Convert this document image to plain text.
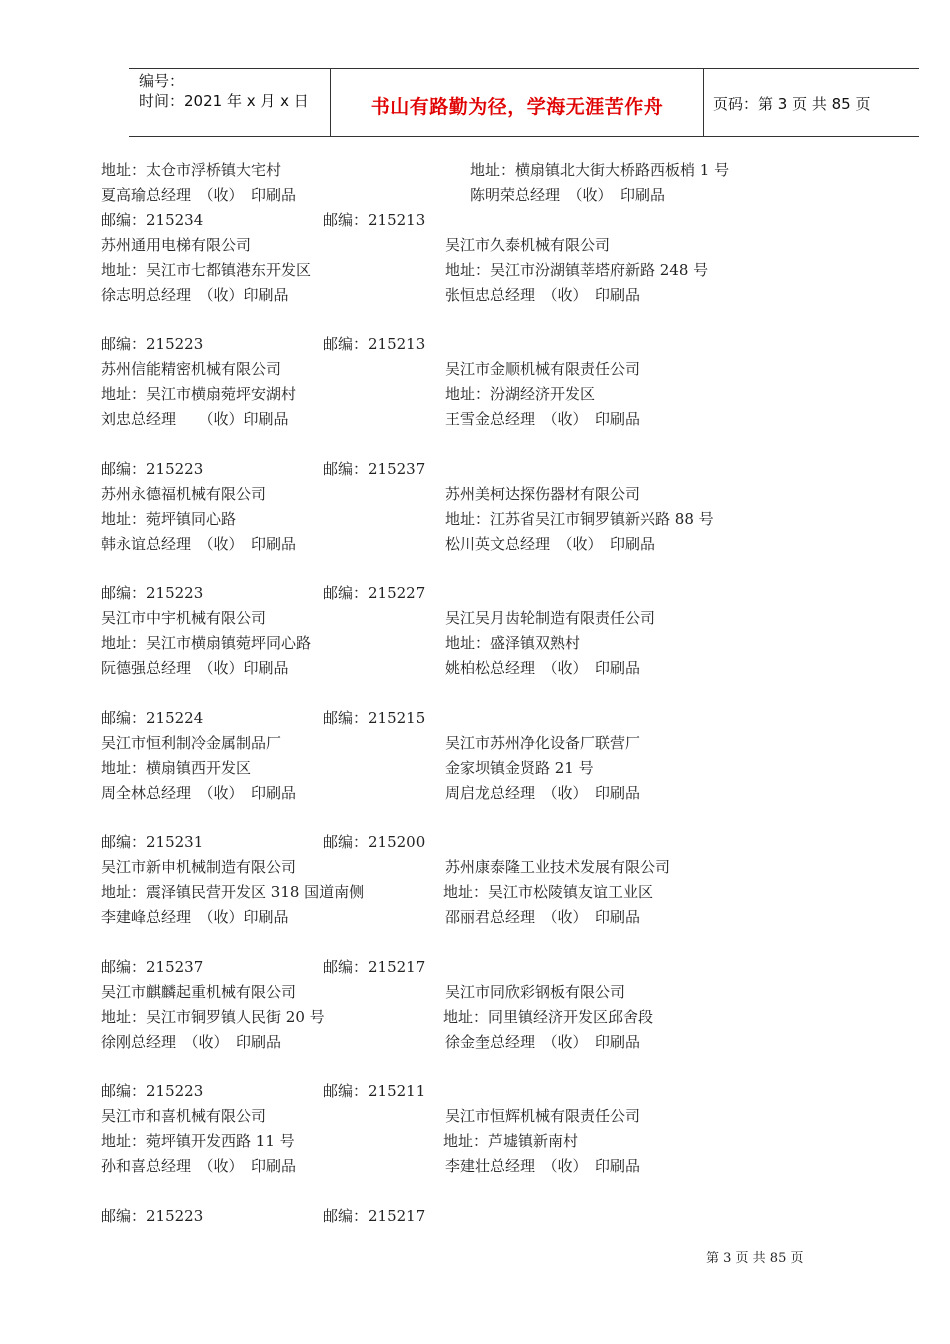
编号：
时间：2021 年 x 月 x 日	书山有路勤为径，学海无涯苦作舟	页码：第 3 页 共 85 页
地址：太仓市浮桥镇大宅村	地址：横扇镇北大街大桥路西板梢 1 号
夏高瑜总经理　（收）　印刷品	陈明荣总经理　（收）　印刷品
邮编：215234	邮编：215213
苏州通用电梯有限公司	吴江市久泰机械有限公司
地址：吴江市七都镇港东开发区	地址：吴江市汾湖镇莘塔府新路 248 号
徐志明总经理　（收）印刷品	张恒忠总经理　（收）　印刷品
邮编：215223	邮编：215213
苏州信能精密机械有限公司	吴江市金顺机械有限责任公司
地址：吴江市横扇菀坪安湖村	地址：汾湖经济开发区
刘忠总经理　　（收）印刷品	王雪金总经理　（收）　印刷品
邮编：215223	邮编：215237
苏州永德福机械有限公司	苏州美柯达探伤器材有限公司
地址：菀坪镇同心路	地址：江苏省吴江市铜罗镇新兴路 88 号
韩永谊总经理　（收）　印刷品	松川英文总经理　（收）　印刷品
邮编：215223	邮编：215227
吴江市中宇机械有限公司	吴江吴月齿轮制造有限责任公司
地址：吴江市横扇镇菀坪同心路	地址：盛泽镇双熟村
阮德强总经理　（收）印刷品	姚柏松总经理　（收）　印刷品
邮编：215224	邮编：215215
吴江市恒利制冷金属制品厂	吴江市苏州净化设备厂联营厂
地址：横扇镇西开发区	金家坝镇金贤路 21 号
周全林总经理　（收）　印刷品	周启龙总经理　（收）　印刷品
邮编：215231	邮编：215200
吴江市新申机械制造有限公司	苏州康泰隆工业技术发展有限公司
地址：震泽镇民营开发区 318 国道南侧	地址：吴江市松陵镇友谊工业区
李建峰总经理　（收）印刷品	邵丽君总经理　（收）　印刷品
邮编：215237	邮编：215217
吴江市麒麟起重机械有限公司	吴江市同欣彩钢板有限公司
地址：吴江市铜罗镇人民街 20 号	地址：同里镇经济开发区邱舍段
徐刚总经理　（收）　印刷品	徐金奎总经理　（收）　印刷品
邮编：215223	邮编：215211
吴江市和喜机械有限公司	吴江市恒辉机械有限责任公司
地址：菀坪镇开发西路 11 号	地址：芦墟镇新南村
孙和喜总经理　（收）　印刷品	李建壮总经理　（收）　印刷品
邮编：215223	邮编：215217
第 3 页 共 85 页
